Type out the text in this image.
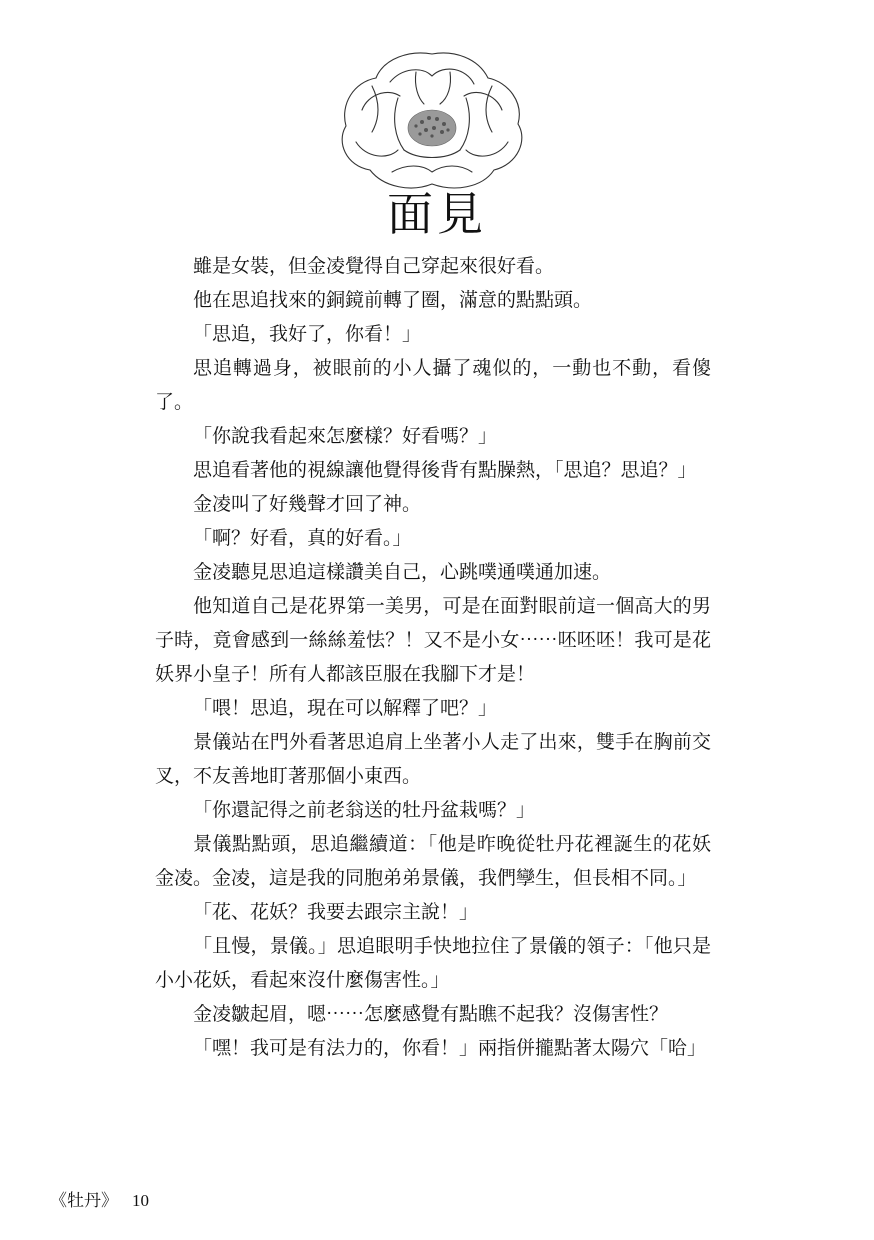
面見

雖是女裝，但金凌覺得自己穿起來很好看。

他在思追找來的銅鏡前轉了圈，滿意的點點頭。

「思追，我好了，你看！」

思追轉過身，被眼前的小人攝了魂似的，一動也不動，看傻了。

「你說我看起來怎麼樣？好看嗎？」

思追看著他的視線讓他覺得後背有點臊熱，「思追？思追？」

金凌叫了好幾聲才回了神。

「啊？好看，真的好看。」

金凌聽見思追這樣讚美自己，心跳噗通噗通加速。

他知道自己是花界第一美男，可是在面對眼前這一個高大的男子時，竟會感到一絲絲羞怯？！又不是小女⋯⋯呸呸呸！我可是花妖界小皇子！所有人都該臣服在我腳下才是！

「喂！思追，現在可以解釋了吧？」

景儀站在門外看著思追肩上坐著小人走了出來，雙手在胸前交叉，不友善地盯著那個小東西。

「你還記得之前老翁送的牡丹盆栽嗎？」

景儀點點頭，思追繼續道：「他是昨晚從牡丹花裡誕生的花妖金凌。金凌，這是我的同胞弟弟景儀，我們孿生，但長相不同。」

「花、花妖？我要去跟宗主說！」

「且慢，景儀。」思追眼明手快地拉住了景儀的領子：「他只是小小花妖，看起來沒什麼傷害性。」

金凌皺起眉，嗯⋯⋯怎麼感覺有點瞧不起我？沒傷害性？

「嘿！我可是有法力的，你看！」兩指併攏點著太陽穴「哈」

《牡丹》 10
